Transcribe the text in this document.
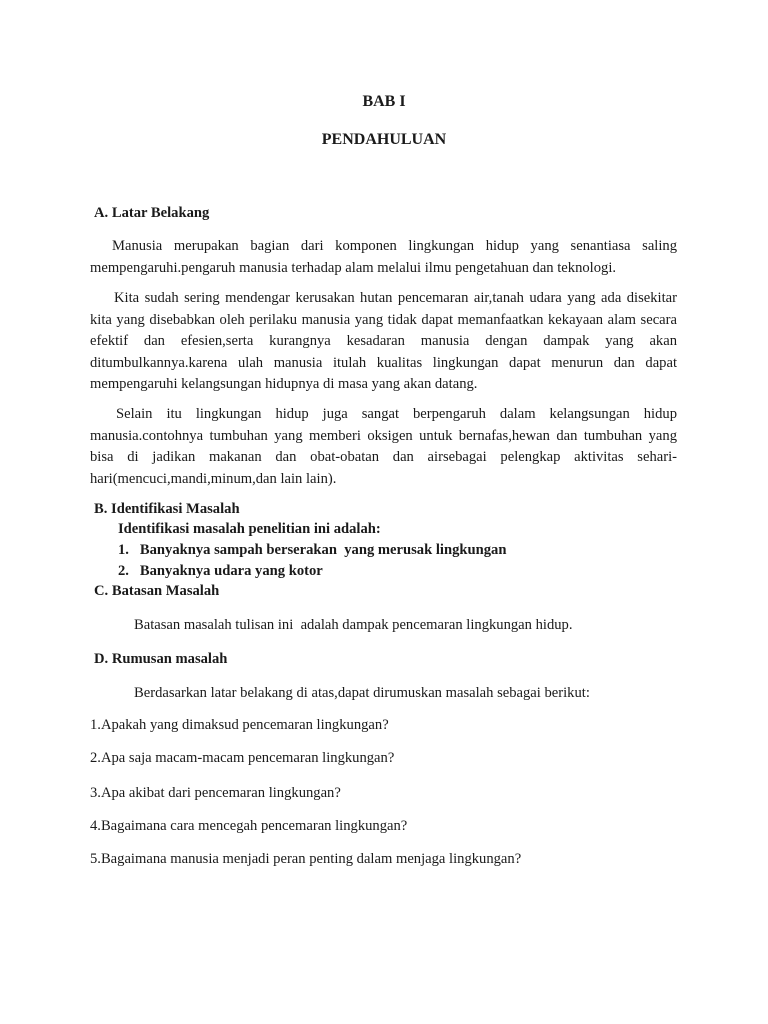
BAB I
PENDAHULUAN
A. Latar Belakang

Manusia merupakan bagian dari komponen lingkungan hidup yang senantiasa saling mempengaruhi.pengaruh manusia terhadap alam melalui ilmu pengetahuan dan teknologi.

Kita sudah sering mendengar kerusakan hutan pencemaran air,tanah udara yang ada disekitar kita yang disebabkan oleh perilaku manusia yang tidak dapat memanfaatkan kekayaan alam secara efektif dan efesien,serta kurangnya kesadaran manusia dengan dampak yang akan ditumbulkannya.karena ulah manusia itulah kualitas lingkungan dapat menurun dan dapat mempengaruhi kelangsungan hidupnya di masa yang akan datang.

Selain itu lingkungan hidup juga sangat berpengaruh dalam kelangsungan hidup manusia.contohnya tumbuhan yang memberi oksigen untuk bernafas,hewan dan tumbuhan yang bisa di jadikan makanan dan obat-obatan dan airsebagai pelengkap aktivitas sehari-hari(mencuci,mandi,minum,dan lain lain).

B. Identifikasi Masalah
Identifikasi masalah penelitian ini adalah:
1.   Banyaknya sampah berserakan  yang merusak lingkungan
2.   Banyaknya udara yang kotor
C. Batasan Masalah
Batasan masalah tulisan ini  adalah dampak pencemaran lingkungan hidup.
D. Rumusan masalah
Berdasarkan latar belakang di atas,dapat dirumuskan masalah sebagai berikut:
1.Apakah yang dimaksud pencemaran lingkungan?
2.Apa saja macam-macam pencemaran lingkungan?
3.Apa akibat dari pencemaran lingkungan?
4.Bagaimana cara mencegah pencemaran lingkungan?
5.Bagaimana manusia menjadi peran penting dalam menjaga lingkungan?
